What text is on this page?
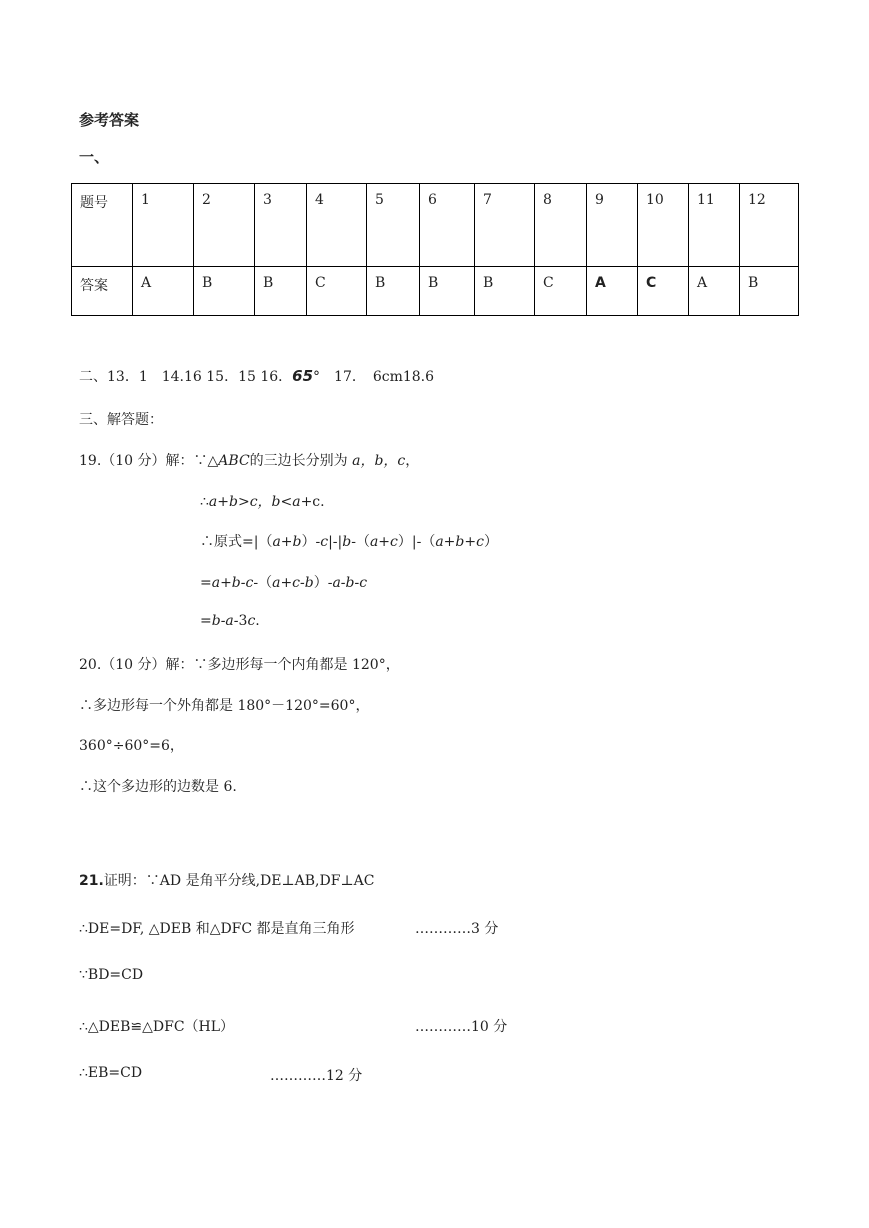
参考答案
一、
题号	1	2	3	4	5	6	7	8	9	10	11	12
答案	A	B	B	C	B	B	B	C	A	C	A	B
二、13．1　14.16 15．15 16．65°　17．　6cm18.6
三、解答题：
19.（10 分）解：∵△ABC的三边长分别为 a，b，c，
∴a+b>c，b<a+c.
∴原式=|（a+b）-c|-|b-（a+c）|-（a+b+c）
=a+b-c-（a+c-b）-a-b-c
=b-a-3c.
20.（10 分）解：∵多边形每一个内角都是 120°，
∴多边形每一个外角都是 180°－120°=60°，
360°÷60°=6，
∴这个多边形的边数是 6.
21.证明：∵AD 是角平分线,DE⊥AB,DF⊥AC
∴DE=DF, △DEB 和△DFC 都是直角三角形	…………3 分
∵BD=CD
∴△DEB≌△DFC（HL）	…………10 分
∴EB=CD	…………12 分
